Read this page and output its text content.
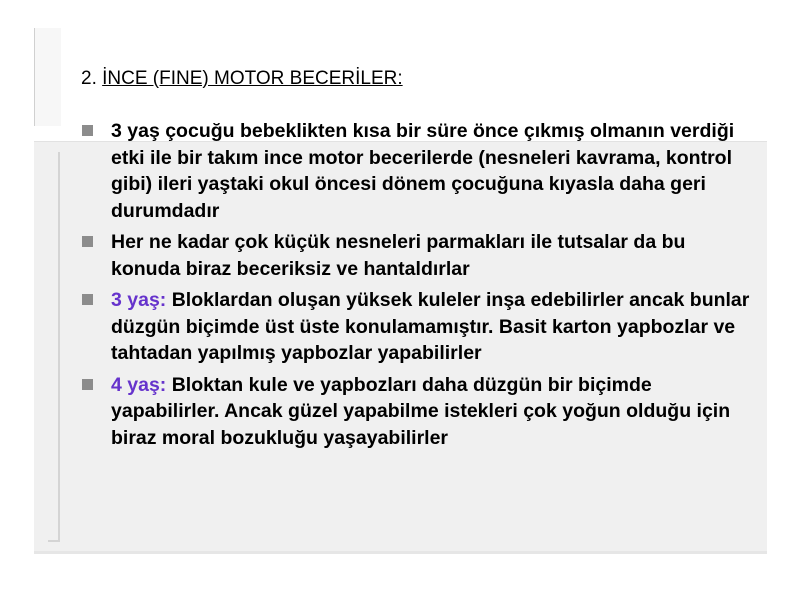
2. İNCE (FINE) MOTOR BECERİLER:
3 yaş çocuğu bebeklikten kısa bir süre önce çıkmış olmanın verdiği etki ile bir takım ince motor becerilerde (nesneleri kavrama, kontrol gibi) ileri yaştaki okul öncesi dönem çocuğuna kıyasla daha geri durumdadır
Her ne kadar çok küçük nesneleri parmakları ile tutsalar da bu konuda biraz beceriksiz ve hantaldırlar
3 yaş: Bloklardan oluşan yüksek kuleler inşa edebilirler ancak bunlar düzgün biçimde üst üste konulamamıştır. Basit karton yapbozlar ve tahtadan yapılmış yapbozlar yapabilirler
4 yaş: Bloktan kule ve yapbozları daha düzgün bir biçimde yapabilirler. Ancak güzel yapabilme istekleri çok yoğun olduğu için biraz moral bozukluğu yaşayabilirler
